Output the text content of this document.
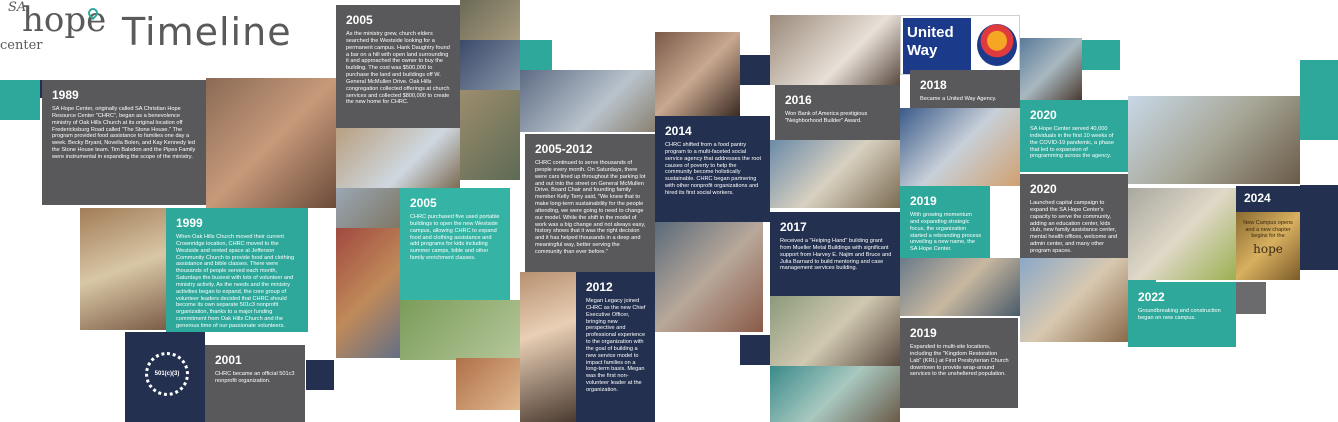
SA
hope
center Timeline	United
Way
501(c)(3)
New Campus opens and a new chapter begins for the
hope
1989
SA Hope Center, originally called SA Christian Hope Resource Center "CHRC", began as a benevolence ministry of Oak Hills Church at its original location off Fredericksburg Road called "The Stone House." The program provided food assistance to families one day a week. Becky Bryant, Novella Bolen, and Kay Kennedy led the Stone House team. Tim Balsdon and the Pipes Family were instrumental in expanding the scope of the ministry.
1999
When Oak Hills Church moved their current Crownridge location, CHRC moved to the Westside and rented space at Jefferson Community Church to provide food and clothing assistance and bible classes. There were thousands of people served each month, Saturdays the busiest with lots of volunteer and ministry activity. As the needs and the ministry activities began to expand, the core group of volunteer leaders decided that CHRC should become its own separate 501c3 nonprofit organization, thanks to a major funding commitment from Oak Hills Church and the generous time of our passionate volunteers.
2001
CHRC became an official 501c3 nonprofit organization.
2005
As the ministry grew, church elders searched the Westside looking for a permanent campus. Hank Daughtry found a bar on a hill with open land surrounding it and approached the owner to buy the building. The cost was $500,000 to purchase the land and buildings off W. General McMullen Drive. Oak Hills congregation collected offerings at church services and collected $800,000 to create the new home for CHRC.
2005
CHRC purchased five used portable buildings to open the new Westside campus, allowing CHRC to expand food and clothing assistance and add programs for kids including summer camps, bible and other family enrichment classes.
2005-2012
CHRC continued to serve thousands of people every month. On Saturdays, there were cars lined up throughout the parking lot and out into the street on General McMullen Drive. Board Chair and founding family member Kelly Terry said, "We knew that to make long-term sustainability for the people attending, we were going to need to change our model. While the shift in the model of work was a big change and not always easy, history shows that it was the right decision and it has helped thousands in a deep and meaningful way, better serving the community than ever before."
2012
Megan Legacy joined CHRC as the new Chief Executive Officer, bringing new perspective and professional experience to the organization with the goal of building a new service model to impact families on a long-term basis. Megan was the first non-volunteer leader at the organization.
2014
CHRC shifted from a food pantry program to a multi-faceted social service agency that addresses the root causes of poverty to help the community become holistically sustainable. CHRC began partnering with other nonprofit organizations and hired its first social workers.
2016
Won Bank of America prestigious "Neighborhood Builder" Award.
2017
Received a "Helping Hand" building grant from Mueller Metal Buildings with significant support from Harvey E. Najim and Bruce and Julia Barnard to build mentoring and case management services building.
2018
Became a United Way Agency.
2019
With growing momentum and expanding strategic focus, the organization started a rebranding process unveiling a new name, the SA Hope Center.
2019
Expanded to multi-site locations, including the "Kingdom Restoration Lab" (KRL) at First Presbyterian Church downtown to provide wrap-around services to the unsheltered population.
2020
SA Hope Center served 40,000 individuals in the first 10 weeks of the COVID-19 pandemic, a phase that led to expansion of programming across the agency.
2020
Launched capital campaign to expand the SA Hope Center's capacity to serve the community, adding an education center, kids club, new family assistance center, mental health offices, welcome and admin center, and many other program spaces.
2022
Groundbreaking and construction began on new campus.
2024
